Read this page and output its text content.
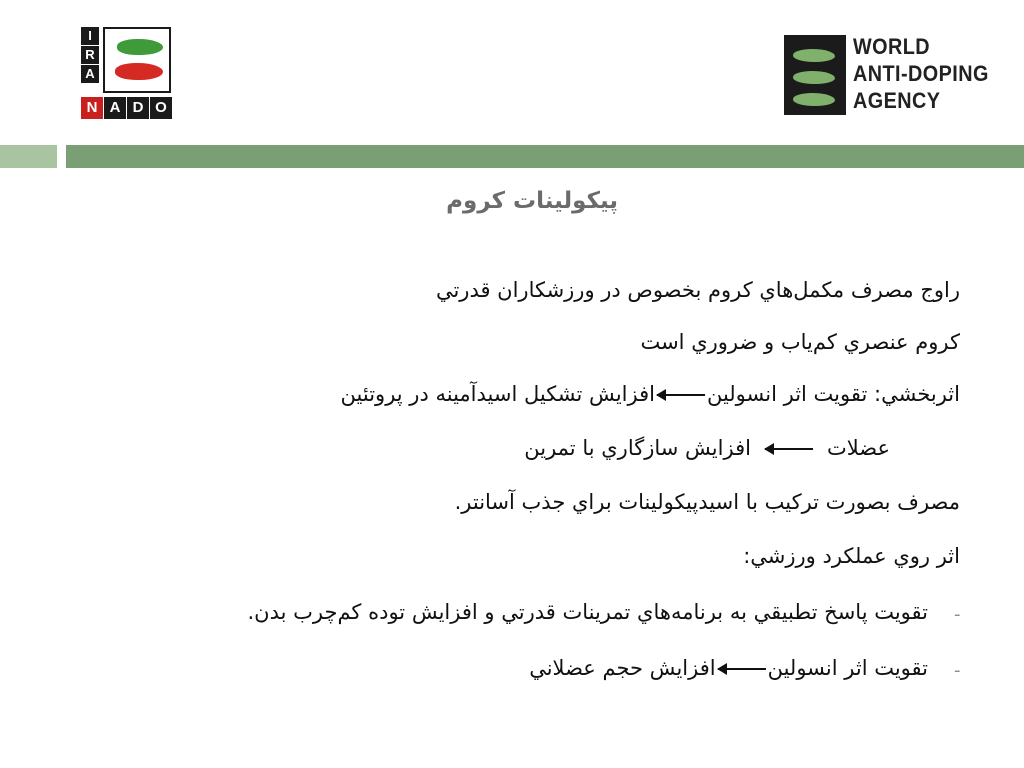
I
R
A
N A D O
WORLD
ANTI-DOPING
AGENCY
پيكولينات كروم
راوج مصرف مكمل‌هاي كروم بخصوص در ورزشكاران قدرتي
كروم عنصري كم‌ياب و ضروري است
اثربخشي: تقويت اثر انسولينافزايش تشكيل اسيدآمينه در پروتئين
عضلاتافزايش سازگاري با تمرين
مصرف بصورت تركيب با اسيدپيكولينات براي جذب آسانتر.
اثر روي عملكرد ورزشي:
-
تقويت پاسخ تطبيقي به برنامه‌هاي تمرينات قدرتي و افزايش توده كم‌چرب بدن.
-
تقويت اثر انسولينافزايش حجم عضلاني
